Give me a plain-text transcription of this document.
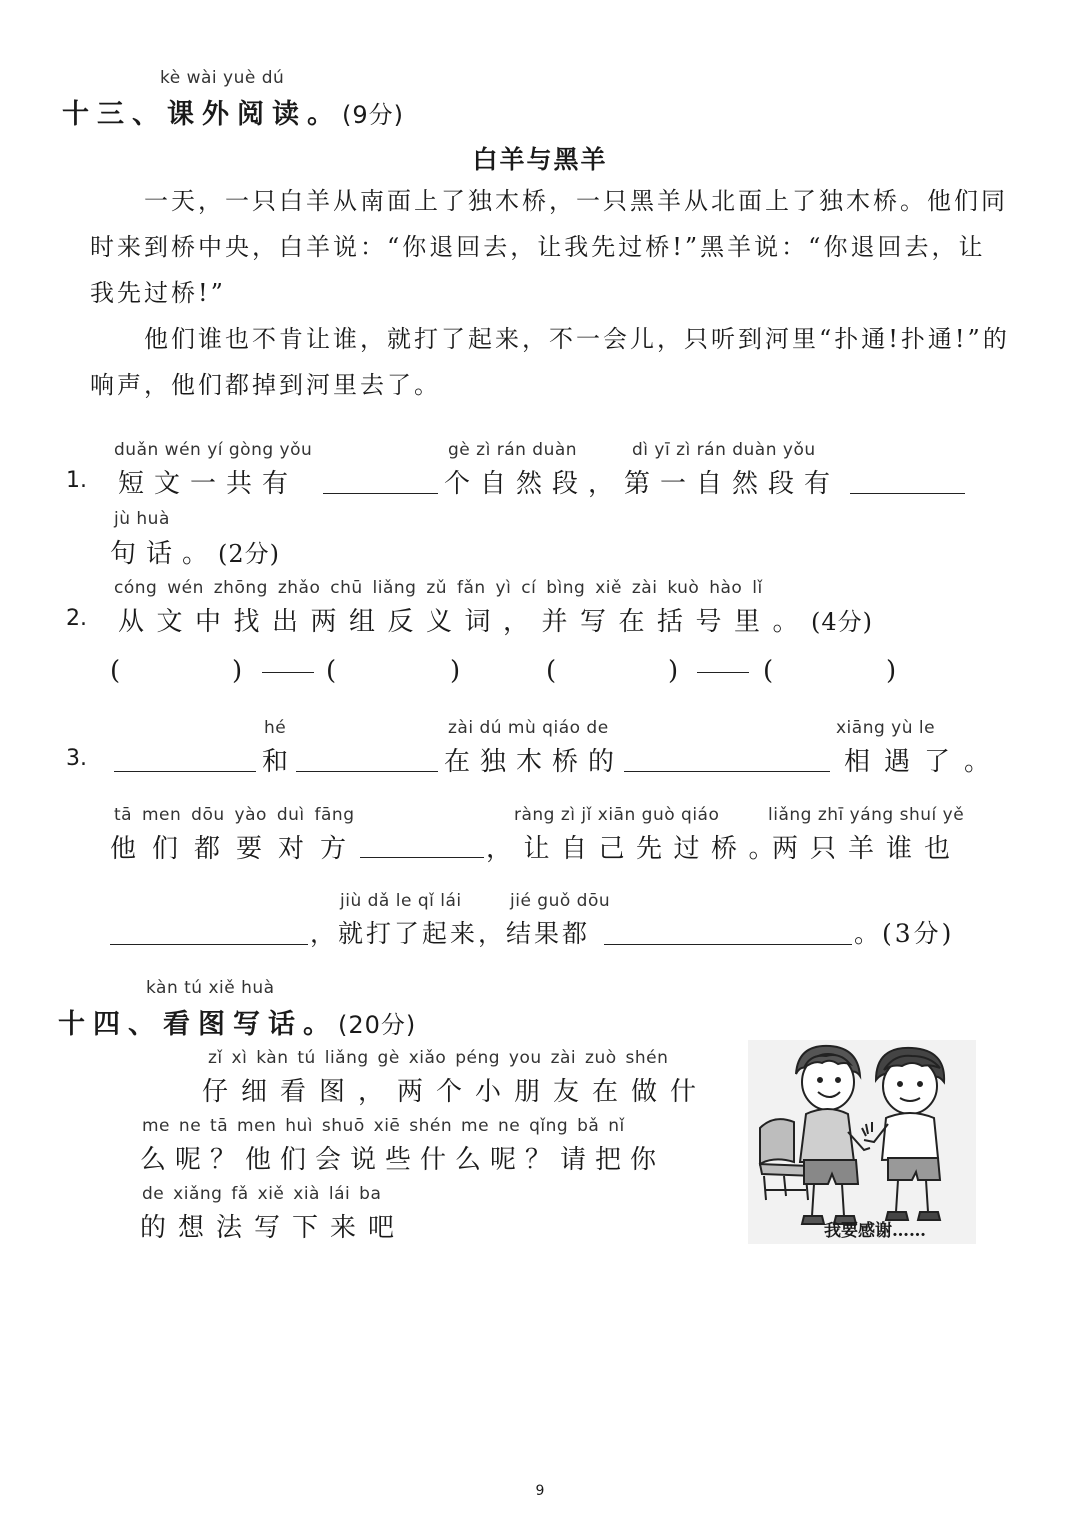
kè wài yuè dú
十三、课外阅读。(9分)
白羊与黑羊
一天，一只白羊从南面上了独木桥，一只黑羊从北面上了独木桥。他们同时来到桥中央，白羊说：“你退回去，让我先过桥!”黑羊说：“你退回去，让我先过桥!”
他们谁也不肯让谁，就打了起来，不一会儿，只听到河里“扑通!扑通!”的响声，他们都掉到河里去了。
duǎn wén yí gòng yǒu	gè zì rán duàn	dì yī zì rán duàn yǒu
1. 短文一共有	个自然段， 第一自然段有
jù huà
句话。(2分)
cóng wén zhōng zhǎo chū liǎng zǔ fǎn yì cí bìng xiě zài kuò hào lǐ
2. 从文中找出两组反义词，并写在括号里。(4分)
(	)	(	)	(	)	(	)
hé	zài dú mù qiáo de	xiāng yù le
3.	和	在独木桥的	相遇了。
tā men dōu yào duì fāng	ràng zì jǐ xiān guò qiáo	liǎng zhī yáng shuí yě
他们都要对方	，让自己先过桥。
两只羊谁也
jiù dǎ le qǐ lái	jié guǒ dōu
，就打了起来，结果都	。(3分)
kàn tú xiě huà
十四、看图写话。(20分)
zǐ xì kàn tú liǎng gè xiǎo péng you zài zuò shén
仔细看图，两个小朋友在做什
me ne tā men huì shuō xiē shén me ne qǐng bǎ nǐ
么呢？他们会说些什么呢？请把你
de xiǎng fǎ xiě xià lái ba
的想法写下来吧	我要感谢……
9
